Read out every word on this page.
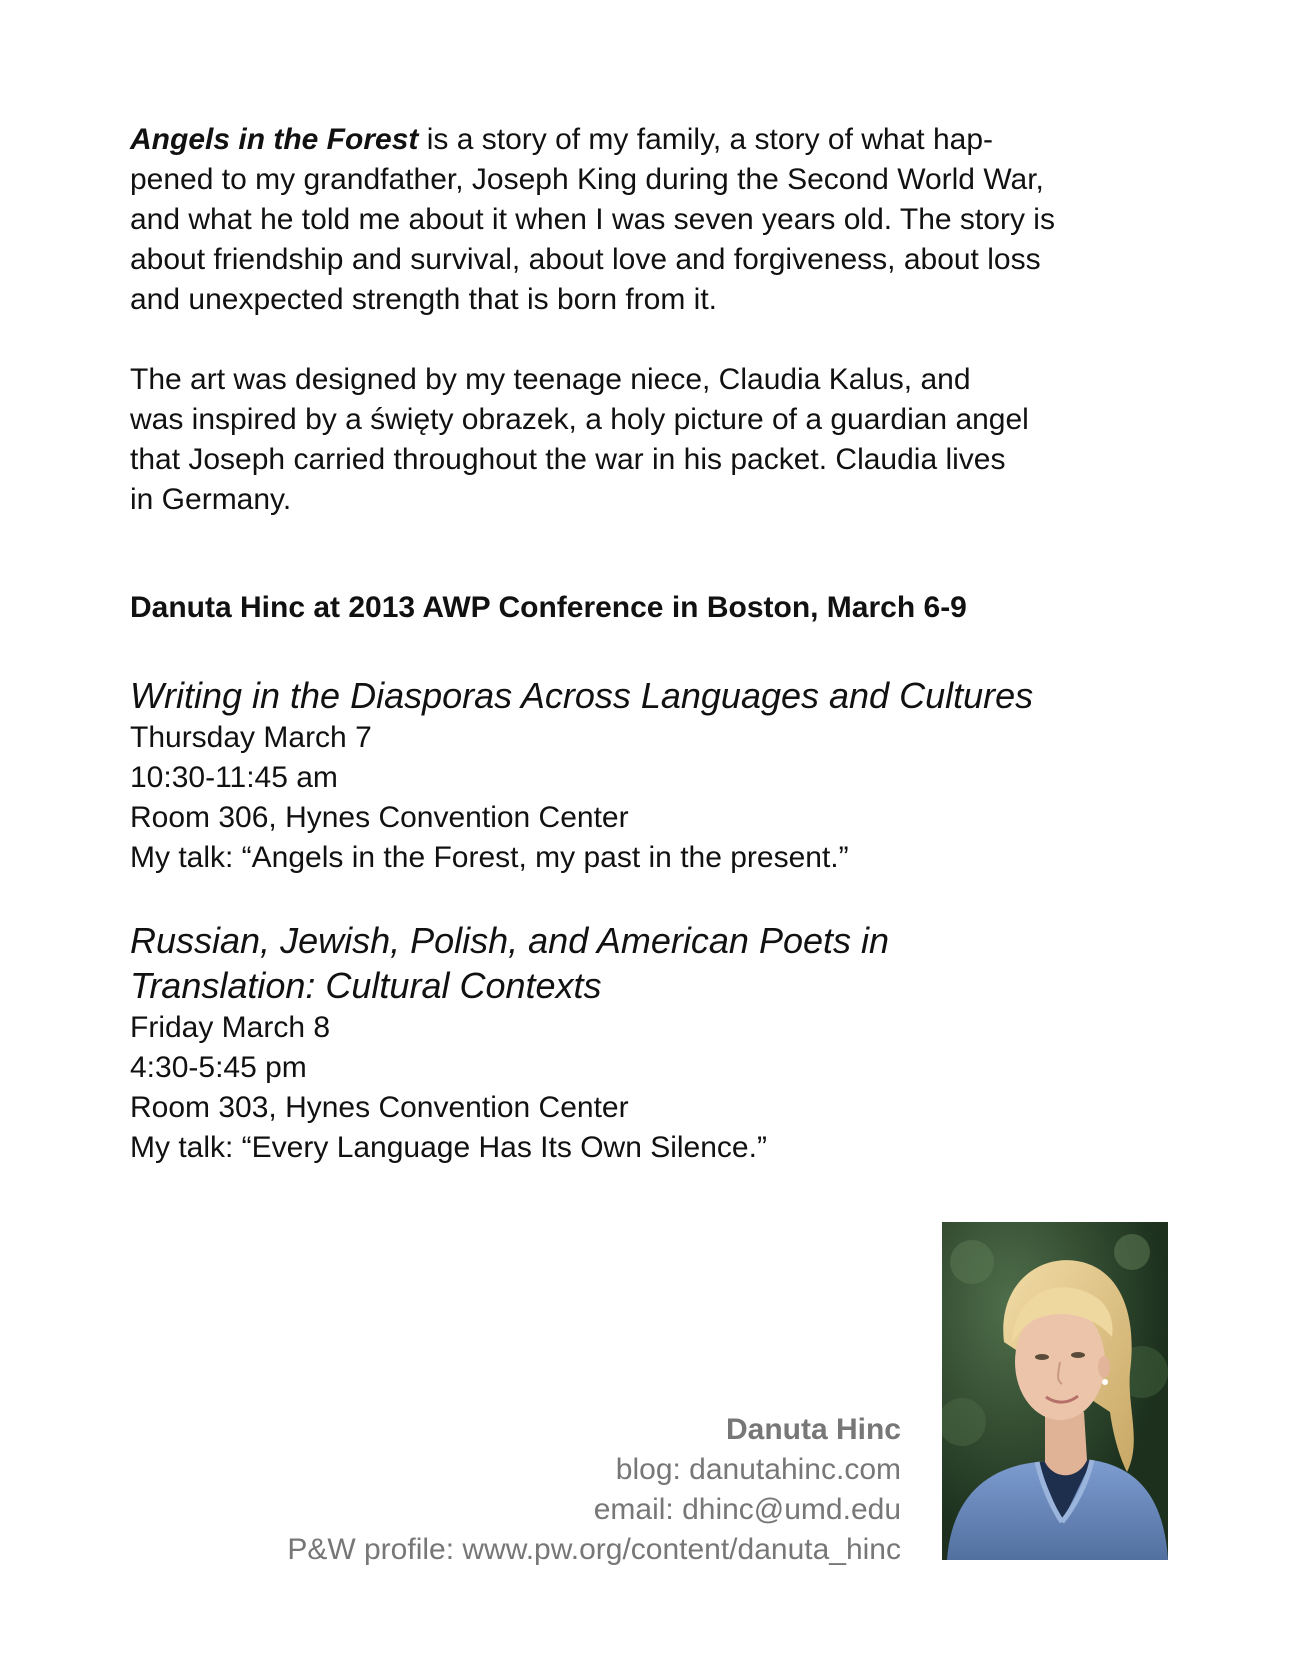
Angels in the Forest is a story of my family, a story of what hap-
pened to my grandfather, Joseph King during the Second World War,
and what he told me about it when I was seven years old. The story is
about friendship and survival, about love and forgiveness, about loss
and unexpected strength that is born from it.

The art was designed by my teenage niece, Claudia Kalus, and
was inspired by a święty obrazek, a holy picture of a guardian angel
that Joseph carried throughout the war in his packet. Claudia lives
in Germany.

Danuta Hinc at 2013 AWP Conference in Boston, March 6-9
Writing in the Diasporas Across Languages and Cultures
Thursday March 7
10:30-11:45 am
Room 306, Hynes Convention Center
My talk: “Angels in the Forest, my past in the present.”
Russian, Jewish, Polish, and American Poets in
Translation: Cultural Contexts
Friday March 8
4:30-5:45 pm
Room 303, Hynes Convention Center
My talk: “Every Language Has Its Own Silence.”
Danuta Hinc
blog: danutahinc.com
email: dhinc@umd.edu
P&W profile: www.pw.org/content/danuta_hinc
